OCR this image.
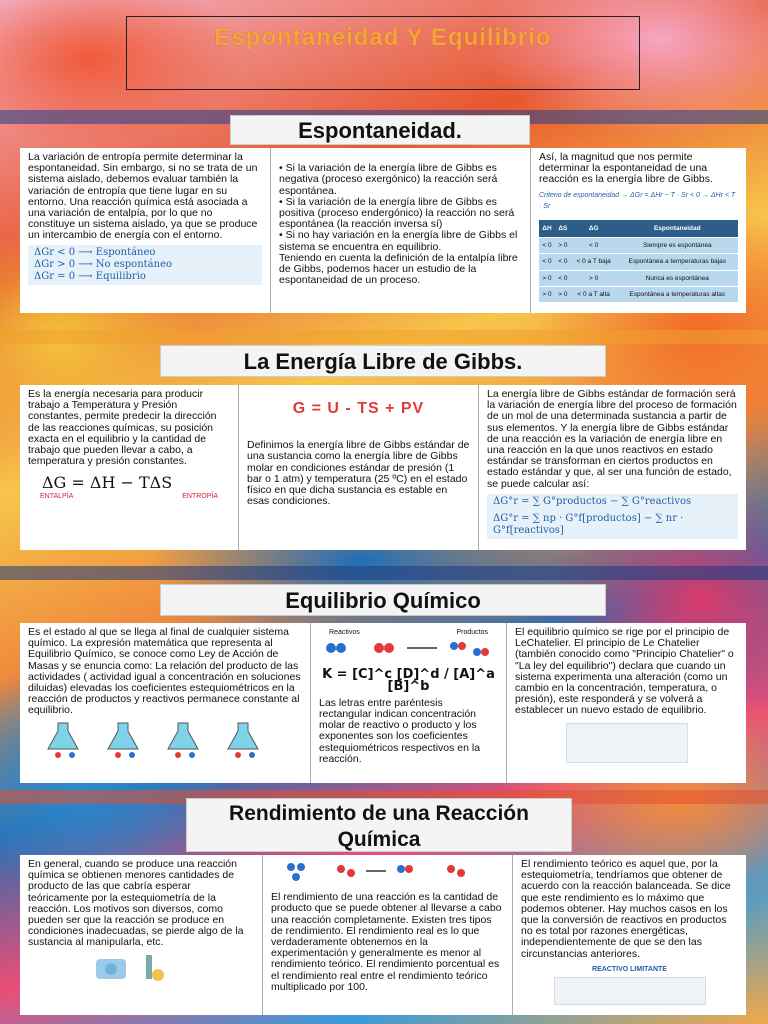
Espontaneidad Y Equilibrio
Espontaneidad.
La variación de entropía permite determinar la espontaneidad. Sin embargo, si no se trata de un sistema aislado, debemos evaluar también la variación de entropía que tiene lugar en su entorno. Una reacción química está asociada a una variación de entalpía, por lo que no constituye un sistema aislado, ya que se produce un intercambio de energía con el entorno.
ΔGr < 0 ⟶ Espontáneo
ΔGr > 0 ⟶ No espontáneo
ΔGr = 0 ⟶ Equilibrio

• Si la variación de la energía libre de Gibbs es negativa (proceso exergónico) la reacción será espontánea.
• Si la variación de la energía libre de Gibbs es positiva (proceso endergónico) la reacción no será espontánea (la reacción inversa sí)
• Si no hay variación en la energía libre de Gibbs el sistema se encuentra en equilibrio.
Teniendo en cuenta la definición de la entalpía libre de Gibbs, podemos hacer un estudio de la espontaneidad de un proceso.

Así, la magnitud que nos permite determinar la espontaneidad de una reacción es la energía libre de Gibbs.
Criterio de espontaneidad → ΔGr = ΔHr − T · Sr < 0 → ΔHr < T · Sr
ΔH	ΔS	ΔG	Espontaneidad
< 0	> 0	< 0	Siempre es espontánea
< 0	< 0	< 0 a T baja	Espontánea a temperaturas bajas
> 0	< 0	> 0	Nunca es espontánea
> 0	> 0	< 0 a T alta	Espontánea a temperaturas altas
La Energía Libre de Gibbs.
Es la energía necesaria para producir trabajo a Temperatura y Presión constantes, permite predecir la dirección de las reacciones químicas, su posición exacta en el equilibrio y la cantidad de trabajo que pueden llevar a cabo, a temperatura y presión constantes.
ΔG = ΔH − TΔS
ENTALPÍA	ENTROPÍA
G = U - TS + PV
Definimos la energía libre de Gibbs estándar de una sustancia como la energía libre de Gibbs molar en condiciones estándar de presión (1 bar o 1 atm) y temperatura (25 ºC) en el estado físico en que dicha sustancia es estable en esas condiciones.
La energía libre de Gibbs estándar de formación será la variación de energía libre del proceso de formación de un mol de una determinada sustancia a partir de sus elementos. Y la energía libre de Gibbs estándar de una reacción es la variación de energía libre en una reacción en la que unos reactivos en estado estándar se transforman en ciertos productos en estado estándar y que, al ser una función de estado, se puede calcular así:
ΔG°r = ∑ G°productos − ∑ G°reactivos
ΔG°r = ∑ np · G°f[productos] − ∑ nr · G°f[reactivos]
Equilibrio Químico
Es el estado al que se llega al final de cualquier sistema químico. La expresión matemática que representa al Equilibrio Químico, se conoce como Ley de Acción de Masas y se enuncia como: La relación del producto de las actividades ( actividad igual a concentración en soluciones diluidas) elevadas los coeficientes estequiométricos en la reacción de productos y reactivos permanece constante al equilibrio.
Reactivos	Productos
K = [C]^c [D]^d / [A]^a [B]^b
Las letras entre paréntesis rectangular indican concentración molar de reactivo o producto y los exponentes son los coeficientes estequiométricos respectivos en la reacción.
El equilibrio químico se rige por el principio de LeChatelier. El principio de Le Chatelier (también conocido como "Principio Chatelier" o "La ley del equilibrio") declara que cuando un sistema experimenta una alteración (como un cambio en la concentración, temperatura, o presión), este responderá y se volverá a establecer un nuevo estado de equilibrio.
Rendimiento de una Reacción Química
En general, cuando se produce una reacción química se obtienen menores cantidades de producto de las que cabría esperar teóricamente por la estequiometría de la reacción. Los motivos son diversos, como pueden ser que la reacción se produce en condiciones inadecuadas, se pierde algo de la sustancia al manipularla, etc.
El rendimiento de una reacción es la cantidad de producto que se puede obtener al llevarse a cabo una reacción completamente. Existen tres tipos de rendimiento. El rendimiento real es lo que verdaderamente obtenemos en la experimentación y generalmente es menor al rendimiento teórico. El rendimiento porcentual es el rendimiento real entre el rendimiento teórico multiplicado por 100.
El rendimiento teórico es aquel que, por la estequiometría, tendríamos que obtener de acuerdo con la reacción balanceada. Se dice que este rendimiento es lo máximo que podemos obtener. Hay muchos casos en los que la conversión de reactivos en productos no es total por razones energéticas, independientemente de que se den las circunstancias anteriores.
REACTIVO LIMITANTE
